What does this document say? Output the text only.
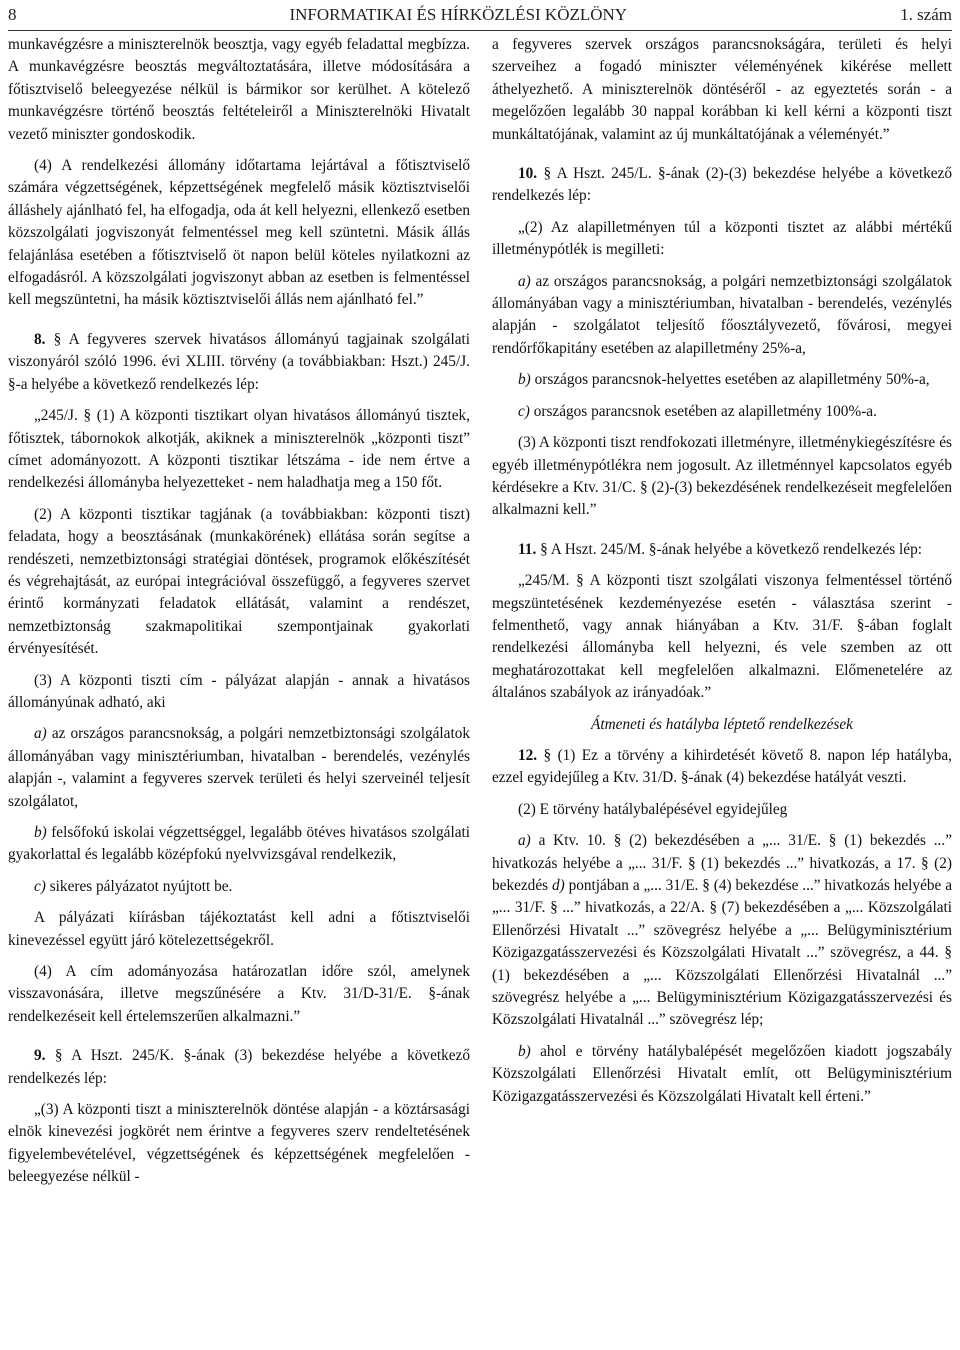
8	INFORMATIKAI ÉS HÍRKÖZLÉSI KÖZLÖNY	1. szám

munkavégzésre a miniszterelnök beosztja, vagy egyéb feladattal megbízza. A munkavégzésre beosztás megváltoztatására, illetve módosítására a főtisztviselő beleegyezése nélkül is bármikor sor kerülhet. A kötelező munkavégzésre történő beosztás feltételeiről a Miniszterelnöki Hivatalt vezető miniszter gondoskodik.

(4) A rendelkezési állomány időtartama lejártával a főtisztviselő számára végzettségének, képzettségének megfelelő másik köztisztviselői álláshely ajánlható fel, ha elfogadja, oda át kell helyezni, ellenkező esetben közszolgálati jogviszonyát felmentéssel meg kell szüntetni. Másik állás felajánlása esetében a főtisztviselő öt napon belül köteles nyilatkozni az elfogadásról. A közszolgálati jogviszonyt abban az esetben is felmentéssel kell megszüntetni, ha másik köztisztviselői állás nem ajánlható fel.”

8. § A fegyveres szervek hivatásos állományú tagjainak szolgálati viszonyáról szóló 1996. évi XLIII. törvény (a továbbiakban: Hszt.) 245/J. §-a helyébe a következő rendelkezés lép:

„245/J. § (1) A központi tisztikart olyan hivatásos állományú tisztek, főtisztek, tábornokok alkotják, akiknek a miniszterelnök „központi tiszt” címet adományozott. A központi tisztikar létszáma - ide nem értve a rendelkezési állományba helyezetteket - nem haladhatja meg a 150 főt.

(2) A központi tisztikar tagjának (a továbbiakban: központi tiszt) feladata, hogy a beosztásának (munkakörének) ellátása során segítse a rendészeti, nemzetbiztonsági stratégiai döntések, programok előkészítését és végrehajtását, az európai integrációval összefüggő, a fegyveres szervet érintő kormányzati feladatok ellátását, valamint a rendészet, nemzetbiztonság szakmapolitikai szempontjainak gyakorlati érvényesítését.

(3) A központi tiszti cím - pályázat alapján - annak a hivatásos állományúnak adható, aki

a) az országos parancsnokság, a polgári nemzetbiztonsági szolgálatok állományában vagy minisztériumban, hivatalban - berendelés, vezénylés alapján -, valamint a fegyveres szervek területi és helyi szerveinél teljesít szolgálatot,

b) felsőfokú iskolai végzettséggel, legalább ötéves hivatásos szolgálati gyakorlattal és legalább középfokú nyelvvizsgával rendelkezik,

c) sikeres pályázatot nyújtott be.

A pályázati kiírásban tájékoztatást kell adni a főtisztviselői kinevezéssel együtt járó kötelezettségekről.

(4) A cím adományozása határozatlan időre szól, amelynek visszavonására, illetve megszűnésére a Ktv. 31/D-31/E. §-ának rendelkezéseit kell értelemszerűen alkalmazni.”

9. § A Hszt. 245/K. §-ának (3) bekezdése helyébe a következő rendelkezés lép:

„(3) A központi tiszt a miniszterelnök döntése alapján - a köztársasági elnök kinevezési jogkörét nem érintve a fegyveres szerv rendeltetésének figyelembevételével, végzettségének és képzettségének megfelelően - beleegyezése nélkül -

a fegyveres szervek országos parancsnokságára, területi és helyi szerveihez a fogadó miniszter véleményének kikérése mellett áthelyezhető. A miniszterelnök döntéséről - az egyeztetés során - a megelőzően legalább 30 nappal korábban ki kell kérni a központi tiszt munkáltatójának, valamint az új munkáltatójának a véleményét.”

10. § A Hszt. 245/L. §-ának (2)-(3) bekezdése helyébe a következő rendelkezés lép:

„(2) Az alapilletményen túl a központi tisztet az alábbi mértékű illetménypótlék is megilleti:

a) az országos parancsnokság, a polgári nemzetbiztonsági szolgálatok állományában vagy a minisztériumban, hivatalban - berendelés, vezénylés alapján - szolgálatot teljesítő főosztályvezető, fővárosi, megyei rendőrfőkapitány esetében az alapilletmény 25%-a,

b) országos parancsnok-helyettes esetében az alapilletmény 50%-a,

c) országos parancsnok esetében az alapilletmény 100%-a.

(3) A központi tiszt rendfokozati illetményre, illetménykiegészítésre és egyéb illetménypótlékra nem jogosult. Az illetménnyel kapcsolatos egyéb kérdésekre a Ktv. 31/C. § (2)-(3) bekezdésének rendelkezéseit megfelelően alkalmazni kell.”

11. § A Hszt. 245/M. §-ának helyébe a következő rendelkezés lép:

„245/M. § A központi tiszt szolgálati viszonya felmentéssel történő megszüntetésének kezdeményezése esetén - választása szerint - felmenthető, vagy annak hiányában a Ktv. 31/F. §-ában foglalt rendelkezési állományba kell helyezni, és vele szemben az ott meghatározottakat kell megfelelően alkalmazni. Előmenetelére az általános szabályok az irányadóak.”

Átmeneti és hatályba léptető rendelkezések

12. § (1) Ez a törvény a kihirdetését követő 8. napon lép hatályba, ezzel egyidejűleg a Ktv. 31/D. §-ának (4) bekezdése hatályát veszti.

(2) E törvény hatálybalépésével egyidejűleg

a) a Ktv. 10. § (2) bekezdésében a „... 31/E. § (1) bekezdés ...” hivatkozás helyébe a „... 31/F. § (1) bekezdés ...” hivatkozás, a 17. § (2) bekezdés d) pontjában a „... 31/E. § (4) bekezdése ...” hivatkozás helyébe a „... 31/F. § ...” hivatkozás, a 22/A. § (7) bekezdésében a „... Közszolgálati Ellenőrzési Hivatalt ...” szövegrész helyébe a „... Belügyminisztérium Közigazgatásszervezési és Közszolgálati Hivatalt ...” szövegrész, a 44. § (1) bekezdésében a „... Közszolgálati Ellenőrzési Hivatalnál ...” szövegrész helyébe a „... Belügyminisztérium Közigazgatásszervezési és Közszolgálati Hivatalnál ...” szövegrész lép;

b) ahol e törvény hatálybalépését megelőzően kiadott jogszabály Közszolgálati Ellenőrzési Hivatalt említ, ott Belügyminisztérium Közigazgatásszervezési és Közszolgálati Hivatalt kell érteni.”
